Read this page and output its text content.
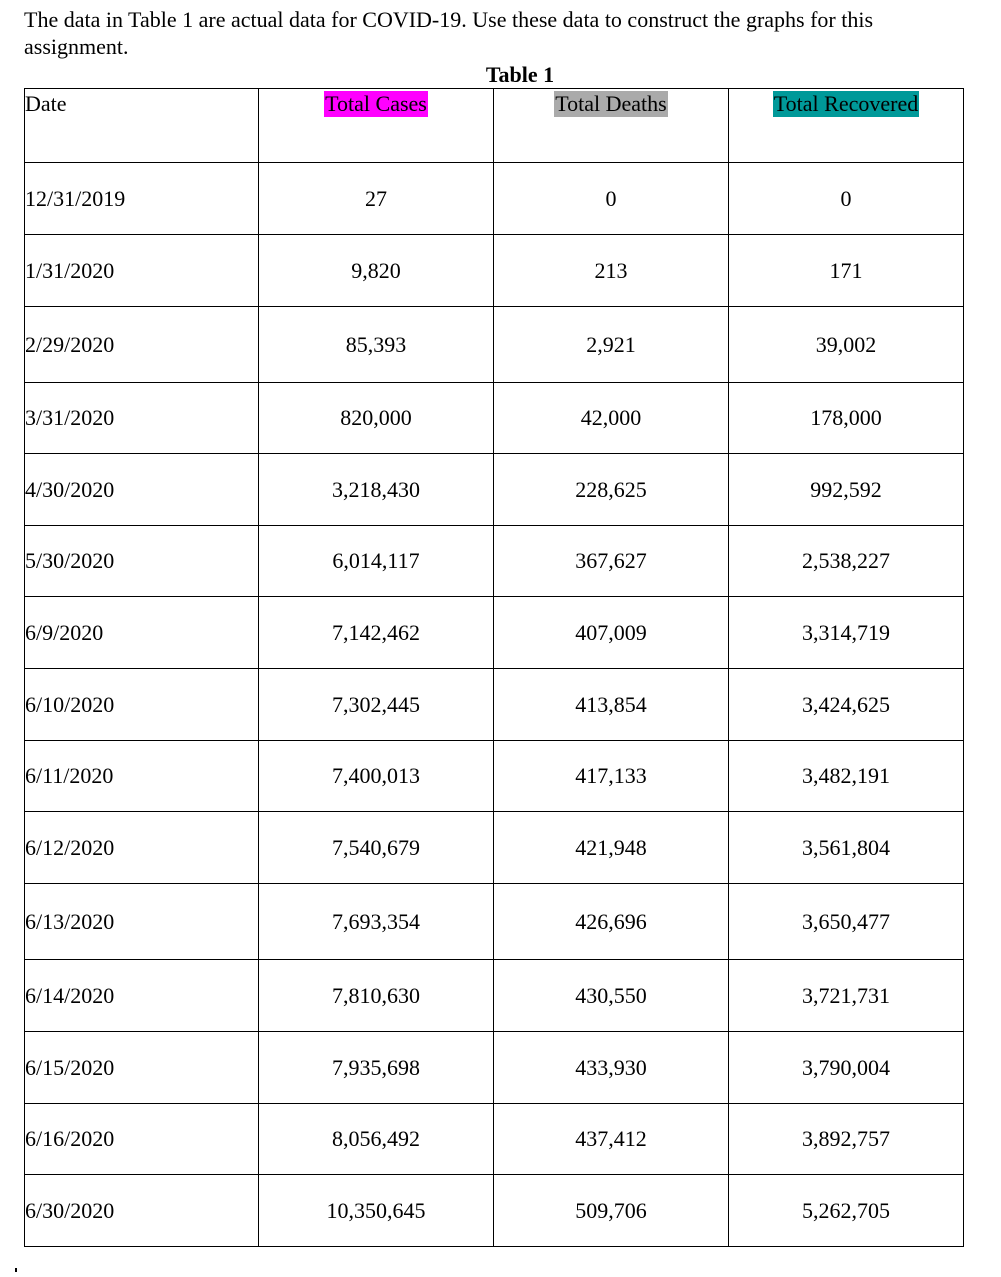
The data in Table 1 are actual data for COVID-19. Use these data to construct the graphs for this assignment.

Table 1
Date	Total Cases	Total Deaths	Total Recovered
12/31/2019	27	0	0
1/31/2020	9,820	213	171
2/29/2020	85,393	2,921	39,002
3/31/2020	820,000	42,000	178,000
4/30/2020	3,218,430	228,625	992,592
5/30/2020	6,014,117	367,627	2,538,227
6/9/2020	7,142,462	407,009	3,314,719
6/10/2020	7,302,445	413,854	3,424,625
6/11/2020	7,400,013	417,133	3,482,191
6/12/2020	7,540,679	421,948	3,561,804
6/13/2020	7,693,354	426,696	3,650,477
6/14/2020	7,810,630	430,550	3,721,731
6/15/2020	7,935,698	433,930	3,790,004
6/16/2020	8,056,492	437,412	3,892,757
6/30/2020	10,350,645	509,706	5,262,705
